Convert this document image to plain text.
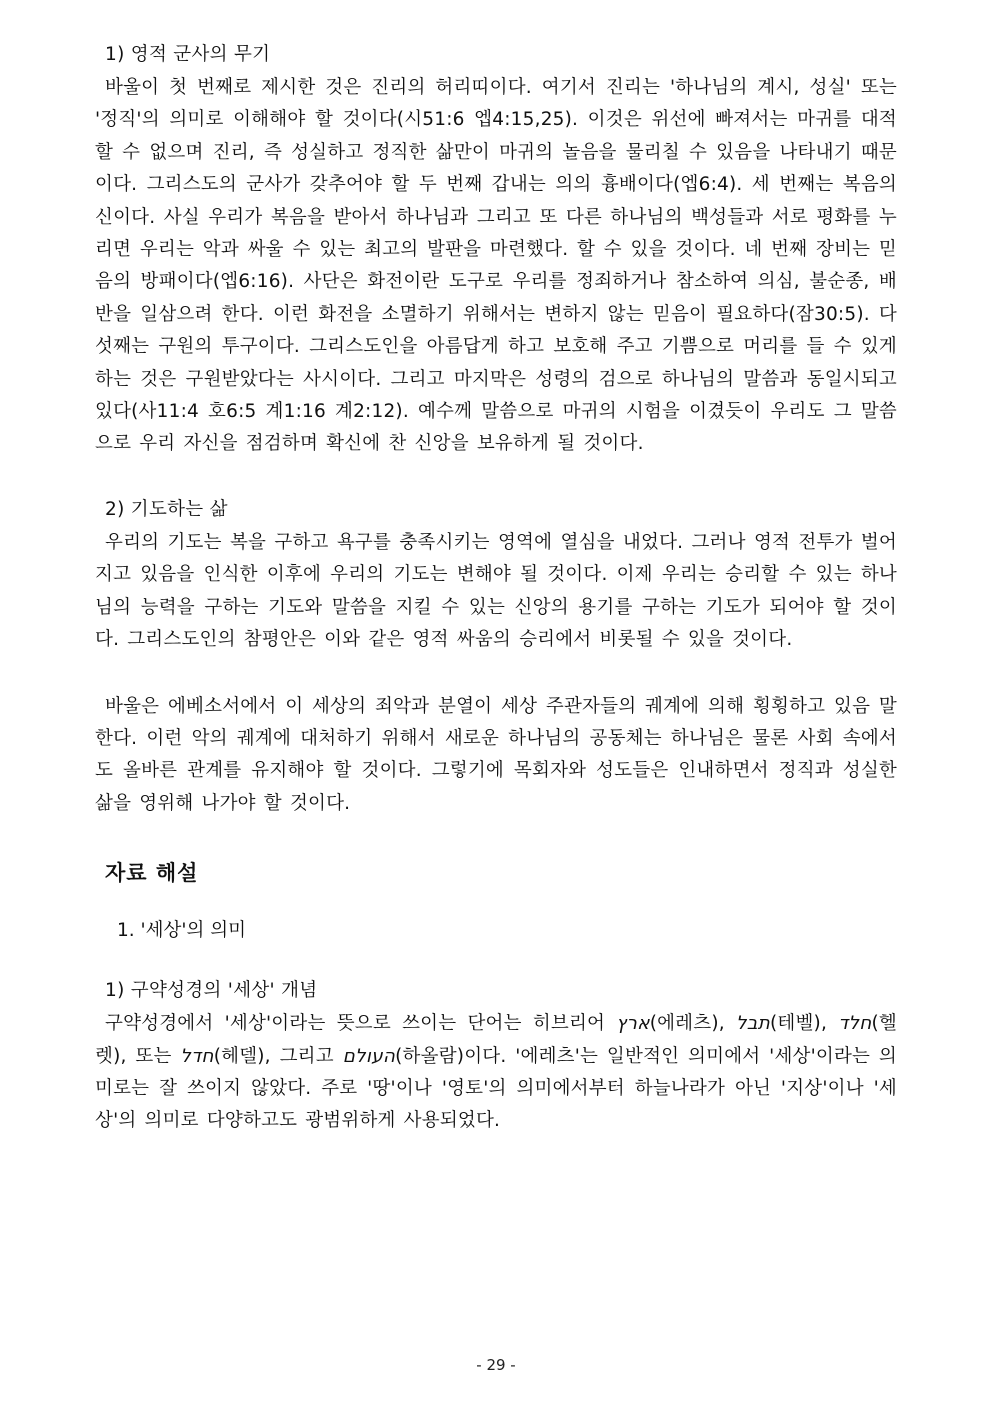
1) 영적 군사의 무기

바울이 첫 번째로 제시한 것은 진리의 허리띠이다. 여기서 진리는 '하나님의 계시, 성실' 또는 '정직'의 의미로 이해해야 할 것이다(시51:6 엡4:15,25). 이것은 위선에 빠져서는 마귀를 대적할 수 없으며 진리, 즉 성실하고 정직한 삶만이 마귀의 놀음을 물리칠 수 있음을 나타내기 때문이다. 그리스도의 군사가 갖추어야 할 두 번째 갑내는 의의 흉배이다(엡6:4). 세 번째는 복음의 신이다. 사실 우리가 복음을 받아서 하나님과 그리고 또 다른 하나님의 백성들과 서로 평화를 누리면 우리는 악과 싸울 수 있는 최고의 발판을 마련했다. 할 수 있을 것이다. 네 번째 장비는 믿음의 방패이다(엡6:16). 사단은 화전이란 도구로 우리를 정죄하거나 참소하여 의심, 불순종, 배반을 일삼으려 한다. 이런 화전을 소멸하기 위해서는 변하지 않는 믿음이 필요하다(잠30:5). 다섯째는 구원의 투구이다. 그리스도인을 아름답게 하고 보호해 주고 기쁨으로 머리를 들 수 있게 하는 것은 구원받았다는 사시이다. 그리고 마지막은 성령의 검으로 하나님의 말씀과 동일시되고 있다(사11:4 호6:5 계1:16 계2:12). 예수께 말씀으로 마귀의 시험을 이겼듯이 우리도 그 말씀으로 우리 자신을 점검하며 확신에 찬 신앙을 보유하게 될 것이다.

2) 기도하는 삶

우리의 기도는 복을 구하고 욕구를 충족시키는 영역에 열심을 내었다. 그러나 영적 전투가 벌어지고 있음을 인식한 이후에 우리의 기도는 변해야 될 것이다. 이제 우리는 승리할 수 있는 하나님의 능력을 구하는 기도와 말씀을 지킬 수 있는 신앙의 용기를 구하는 기도가 되어야 할 것이다. 그리스도인의 참평안은 이와 같은 영적 싸움의 승리에서 비롯될 수 있을 것이다.

바울은 에베소서에서 이 세상의 죄악과 분열이 세상 주관자들의 궤계에 의해 횡횡하고 있음 말한다. 이런 악의 궤계에 대처하기 위해서 새로운 하나님의 공동체는 하나님은 물론 사회 속에서도 올바른 관계를 유지해야 할 것이다. 그렇기에 목회자와 성도들은 인내하면서 정직과 성실한 삶을 영위해 나가야 할 것이다.

자료 해설
1. '세상'의 의미
1) 구약성경의 '세상' 개념

구약성경에서 '세상'이라는 뜻으로 쓰이는 단어는 히브리어 ארץ(에레츠), תבל(테벨), חלד(헬렛), 또는 חדל(헤델), 그리고 העולם(하올람)이다. '에레츠'는 일반적인 의미에서 '세상'이라는 의미로는 잘 쓰이지 않았다. 주로 '땅'이나 '영토'의 의미에서부터 하늘나라가 아닌 '지상'이나 '세상'의 의미로 다양하고도 광범위하게 사용되었다.

- 29 -
